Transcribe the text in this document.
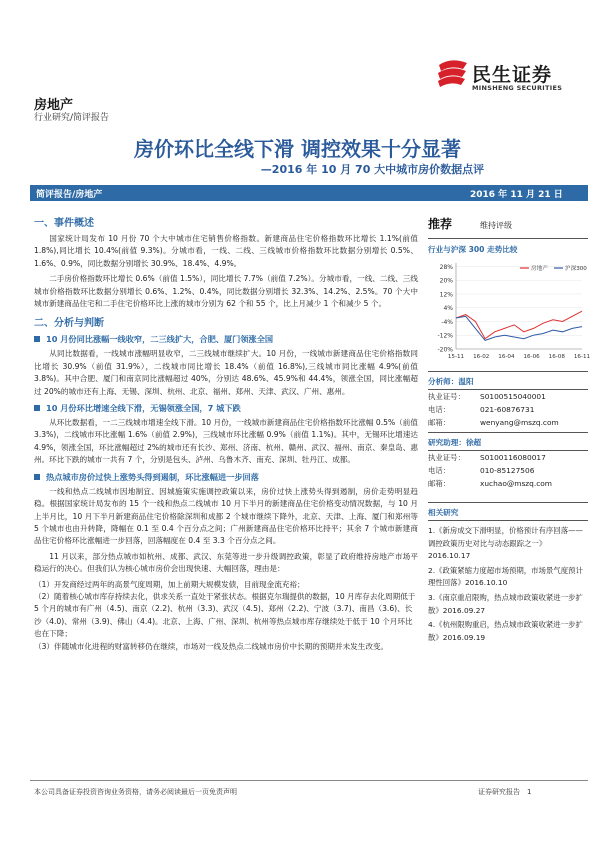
民生证券
MINSHENG SECURITIES
房地产
行业研究/简评报告
房价环比全线下滑 调控效果十分显著
—2016 年 10 月 70 大中城市房价数据点评
简评报告/房地产	2016 年 11 月 21 日
一、事件概述

国家统计局发布 10 月份 70 个大中城市住宅销售价格指数。新建商品住宅价格指数环比增长 1.1%(前值 1.8%),同比增长 10.4%(前值 9.3%)。分城市看，一线、二线、三线城市价格指数环比数据分别增长 0.5%、1.6%、0.9%，同比数据分别增长 30.9%、18.4%、4.9%。

二手房价格指数环比增长 0.6%（前值 1.5%），同比增长 7.7%（前值 7.2%）。分城市看，一线、二线、三线城市价格指数环比数据分别增长 0.6%、1.2%、0.4%，同比数据分别增长 32.3%、14.2%、2.5%。70 个大中城市新建商品住宅和二手住宅价格环比上涨的城市分别为 62 个和 55 个，比上月减少 1 个和减少 5 个。

二、分析与判断
10 月份同比涨幅一线收窄，二三线扩大，合肥、厦门领涨全国

从同比数据看，一线城市涨幅明显收窄，二三线城市继续扩大。10 月份，一线城市新建商品住宅价格指数同比增长 30.9%（前值 31.9%），二线城市同比增长 18.4%（前值 16.8%),三线城市同比涨幅 4.9%(前值 3.8%)。其中合肥、厦门和南京同比涨幅超过 40%，分别达 48.6%、45.9%和 44.4%，领涨全国，同比涨幅超过 20%的城市还有上海、无锡、深圳、杭州、北京、福州、郑州、天津、武汉、广州、惠州。

10 月份环比增速全线下滑，无锡领涨全国，7 城下跌

从环比数据看，一二三线城市增速全线下滑。10 月份，一线城市新建商品住宅价格指数环比涨幅 0.5%（前值 3.3%)，二线城市环比涨幅 1.6%（前值 2.9%)，三线城市环比涨幅 0.9%（前值 1.1%)。其中，无锡环比增速达 4.9%，领涨全国，环比涨幅超过 2%的城市还有长沙、郑州、济南、杭州、赣州、武汉、福州、南京、秦皇岛、惠州。环比下跌的城市一共有 7 个，分别是包头、泸州、乌鲁木齐、南充、深圳、牡丹江、成都。

热点城市房价过快上涨势头得到遏制，环比涨幅进一步回落

一线和热点二线城市因地制宜、因城施策实施调控政策以来，房价过快上涨势头得到遏制，房价走势明显趋稳。根据国家统计局发布的 15 个一线和热点二线城市 10 月下半月的新建商品住宅价格变动情况数据，与 10 月上半月比，10 月下半月新建商品住宅价格除深圳和成都 2 个城市继续下降外，北京、天津、上海、厦门和郑州等 5 个城市也由升转降，降幅在 0.1 至 0.4 个百分点之间；广州新建商品住宅价格环比持平；其余 7 个城市新建商品住宅价格环比涨幅进一步回落，回落幅度在 0.4 至 3.3 个百分点之间。

11 月以来，部分热点城市如杭州、成都、武汉、东莞等进一步升级调控政策，彰显了政府维持房地产市场平稳运行的决心。但我们认为核心城市房价会出现快速、大幅回落，理由是：

（1）开发商经过两年的高景气度周期，加上前期大规模发债，目前现金流充裕；
（2）随着核心城市库存持续去化，供求关系一直处于紧张状态。根据克尔瑞提供的数据，10 月库存去化周期低于 5 个月的城市有广州（4.5)、南京（2.2)、杭州（3.3)、武汉（4.5)、郑州（2.2)、宁波（3.7)、南昌（3.6)、长沙（4.0)、常州（3.9)、佛山（4.4)。北京、上海、广州、深圳、杭州等热点城市库存继续处于低于 10 个月环比也在下降；
（3）伴随城市化进程的财富转移仍在继续，市场对一线及热点二线城市房价中长期的预期并未发生改变。
推荐	维持评级
行业与沪深 300 走势比较
28%
20%
12%
4%
-4%
-12%
-20%
15-11 16-02 16-04 16-06 16-08 16-11
房地产	沪深300
分析师：温阳
执业证号：	S0100515040001
电话：	021-60876731
邮箱：	wenyang@mszq.com
研究助理：徐超
执业证号：	S0100116080017
电话：	010-85127506
邮箱：	xuchao@mszq.com
相关研究
1.《新房成交下滑明显，价格预计有序回落——调控政策历史对比与动态跟踪之一》2016.10.17
2.《政策紧缩力度超市场预期，市场景气度预计理性回落》2016.10.10
3.《南京重启限购，热点城市政策收紧进一步扩散》2016.09.27
4.《杭州限购重启，热点城市政策收紧进一步扩散》2016.09.19
本公司具备证券投资咨询业务资格，请务必阅读最后一页免责声明	证券研究报告　1
